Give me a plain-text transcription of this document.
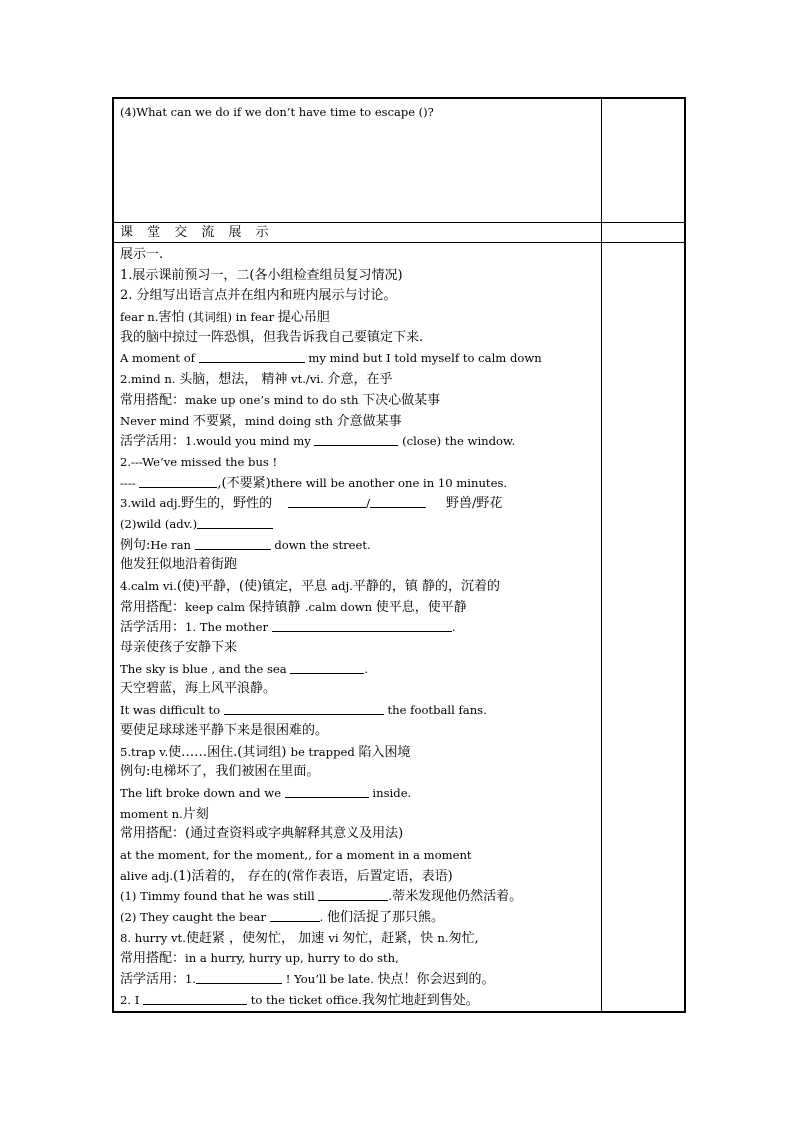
(4)What can we do if we don’t have time to escape ()?
课 堂 交 流 展 示
展示一.
1.展示课前预习一，二(各小组检查组员复习情况)
2. 分组写出语言点并在组内和班内展示与讨论。
fear n.害怕 (其词组) in fear 提心吊胆
我的脑中掠过一阵恐惧，但我告诉我自己要镇定下来.
A moment of	my mind but I told myself to calm down
2.mind n. 头脑，想法， 精神 vt./vi. 介意，在乎
常用搭配：make up one’s mind to do sth 下决心做某事
Never mind 不要紧，mind doing sth 介意做某事
活学活用：1.would you mind my	(close) the window.
2.---We’ve missed the bus !
----	,(不要紧)there will be another one in 10 minutes.
3.wild adj.野生的，野性的	/	野兽/野花
(2)wild (adv.)
例句:He ran	down the street.
他发狂似地沿着街跑
4.calm vi.(使)平静，(使)镇定，平息 adj.平静的，镇 静的，沉着的
常用搭配：keep calm 保持镇静 .calm down 使平息，使平静
活学活用：1. The mother	.
母亲使孩子安静下来
The sky is blue , and the sea	.
天空碧蓝，海上风平浪静。
It was difficult to	the football fans.
要使足球球迷平静下来是很困难的。
5.trap v.使……困住.(其词组) be trapped 陷入困境
例句:电梯坏了，我们被困在里面。
The lift broke down and we	inside.
moment n.片刻
常用搭配：(通过查资料或字典解释其意义及用法)
at the moment, for the moment,, for a moment in a moment
alive adj.(1)活着的， 存在的(常作表语，后置定语，表语)
(1) Timmy found that he was still	.蒂米发现他仍然活着。
(2) They caught the bear	. 他们活捉了那只熊。
8. hurry vt.使赶紧 ，使匆忙， 加速 vi 匆忙，赶紧，快 n.匆忙,
常用搭配：in a hurry, hurry up, hurry to do sth,
活学活用：1.	! You’ll be late. 快点！你会迟到的。
2. I	to the ticket office.我匆忙地赶到售处。
